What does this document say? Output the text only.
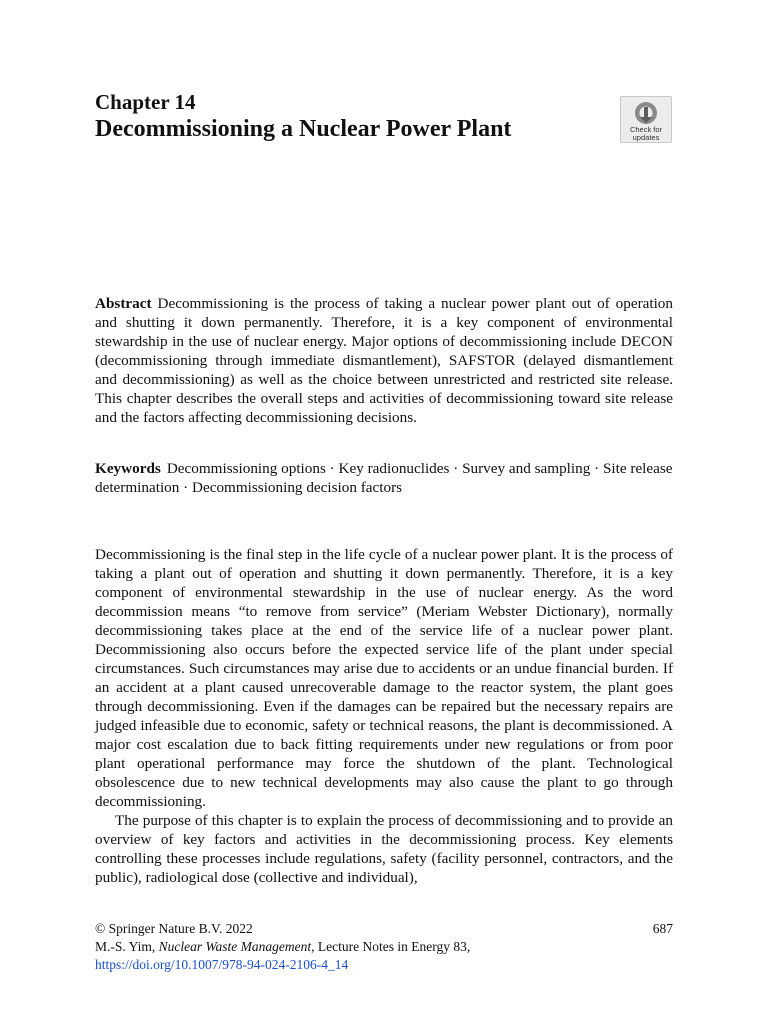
Chapter 14
Decommissioning a Nuclear Power Plant	Check for
updates
Abstract Decommissioning is the process of taking a nuclear power plant out of operation and shutting it down permanently. Therefore, it is a key component of environmental stewardship in the use of nuclear energy. Major options of decommissioning include DECON (decommissioning through immediate dismantlement), SAFSTOR (delayed dismantlement and decommissioning) as well as the choice between unrestricted and restricted site release. This chapter describes the overall steps and activities of decommissioning toward site release and the factors affecting decommissioning decisions.
Keywords Decommissioning options · Key radionuclides · Survey and sampling · Site release determination · Decommissioning decision factors

Decommissioning is the final step in the life cycle of a nuclear power plant. It is the process of taking a plant out of operation and shutting it down permanently. Therefore, it is a key component of environmental stewardship in the use of nuclear energy. As the word decommission means “to remove from service” (Meriam Webster Dictionary), normally decommissioning takes place at the end of the service life of a nuclear power plant. Decommissioning also occurs before the expected service life of the plant under special circumstances. Such circumstances may arise due to accidents or an undue financial burden. If an accident at a plant caused unrecoverable damage to the reactor system, the plant goes through decommissioning. Even if the damages can be repaired but the necessary repairs are judged infeasible due to economic, safety or technical reasons, the plant is decommissioned. A major cost escalation due to back fitting requirements under new regulations or from poor plant operational performance may force the shutdown of the plant. Technological obsolescence due to new technical developments may also cause the plant to go through decommissioning.

The purpose of this chapter is to explain the process of decommissioning and to provide an overview of key factors and activities in the decommissioning process. Key elements controlling these processes include regulations, safety (facility personnel, contractors, and the public), radiological dose (collective and individual),

© Springer Nature B.V. 2022	687
M.-S. Yim, Nuclear Waste Management, Lecture Notes in Energy 83,
https://doi.org/10.1007/978-94-024-2106-4_14
